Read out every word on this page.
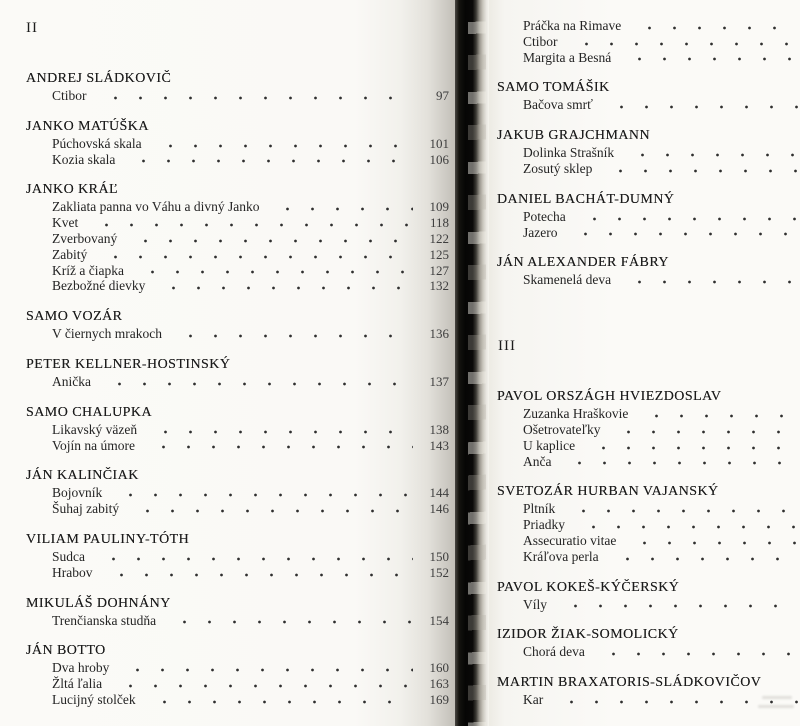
II
ANDREJ SLÁDKOVIČ
Ctibor	97
JANKO MATÚŠKA
Púchovská skala	101
Kozia skala	106
JANKO KRÁĽ
Zakliata panna vo Váhu a divný Janko	109
Kvet	118
Zverbovaný	122
Zabitý	125
Kríž a čiapka	127
Bezbožné dievky	132
SAMO VOZÁR
V čiernych mrakoch	136
PETER KELLNER-HOSTINSKÝ
Anička	137
SAMO CHALUPKA
Likavský väzeň	138
Vojín na úmore	143
JÁN KALINČIAK
Bojovník	144
Šuhaj zabitý	146
VILIAM PAULINY-TÓTH
Sudca	150
Hrabov	152
MIKULÁŠ DOHNÁNY
Trenčianska studňa	154
JÁN BOTTO
Dva hroby	160
Žltá ľalia	163
Lucijný stolček	169
Práčka na Rimave
Ctibor
Margita a Besná
SAMO TOMÁŠIK
Bačova smrť
JAKUB GRAJCHMANN
Dolinka Strašník
Zosutý sklep
DANIEL BACHÁT-DUMNÝ
Potecha
Jazero
JÁN ALEXANDER FÁBRY
Skamenelá deva
III
PAVOL ORSZÁGH HVIEZDOSLAV
Zuzanka Hraškovie
Ošetrovateľky
U kaplice
Anča
SVETOZÁR HURBAN VAJANSKÝ
Pltník
Priadky
Assecuratio vitae
Kráľova perla
PAVOL KOKEŠ-KÝČERSKÝ
Víly
IZIDOR ŽIAK-SOMOLICKÝ
Chorá deva
MARTIN BRAXATORIS-SLÁDKOVIČOV
Kar
